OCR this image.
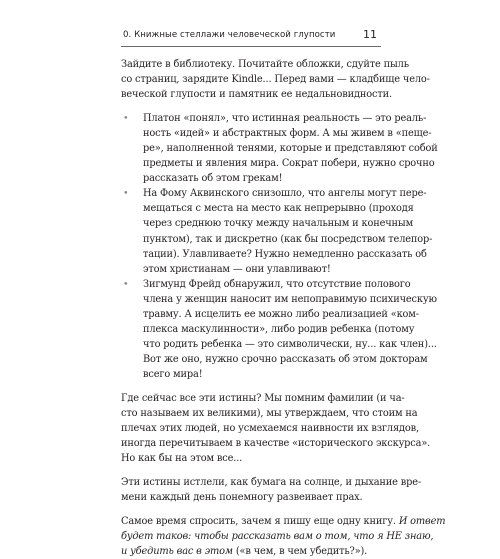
0. Книжные стеллажи человеческой глупости	11
Зайдите в библиотеку. Почитайте обложки, сдуйте пыль
со страниц, зарядите Kindle... Перед вами — кладбище чело-
веческой глупости и памятник ее недальновидности.
• Платон «понял», что истинная реальность — это реаль-
ность «идей» и абстрактных форм. А мы живем в «пеще-
ре», наполненной тенями, которые и представляют собой
предметы и явления мира. Сократ побери, нужно срочно
рассказать об этом грекам!
• На Фому Аквинского снизошло, что ангелы могут пере-
мещаться с места на место как непрерывно (проходя
через среднюю точку между начальным и конечным
пунктом), так и дискретно (как бы посредством телепор-
тации). Улавливаете? Нужно немедленно рассказать об
этом христианам — они улавливают!
• Зигмунд Фрейд обнаружил, что отсутствие полового
члена у женщин наносит им непоправимую психическую
травму. А исцелить ее можно либо реализацией «ком-
плекса маскулинности», либо родив ребенка (потому
что родить ребенка — это символически, ну... как член)...
Вот же оно, нужно срочно рассказать об этом докторам
всего мира!
Где сейчас все эти истины? Мы помним фамилии (и ча-
сто называем их великими), мы утверждаем, что стоим на
плечах этих людей, но усмехаемся наивности их взглядов,
иногда перечитываем в качестве «исторического экскурса».
Но как бы на этом все...
Эти истины истлели, как бумага на солнце, и дыхание вре-
мени каждый день понемногу развеивает прах.
Самое время спросить, зачем я пишу еще одну книгу. И ответ
будет таков: чтобы рассказать вам о том, что я НЕ знаю,
и убедить вас в этом («в чем, в чем убедить?»).
